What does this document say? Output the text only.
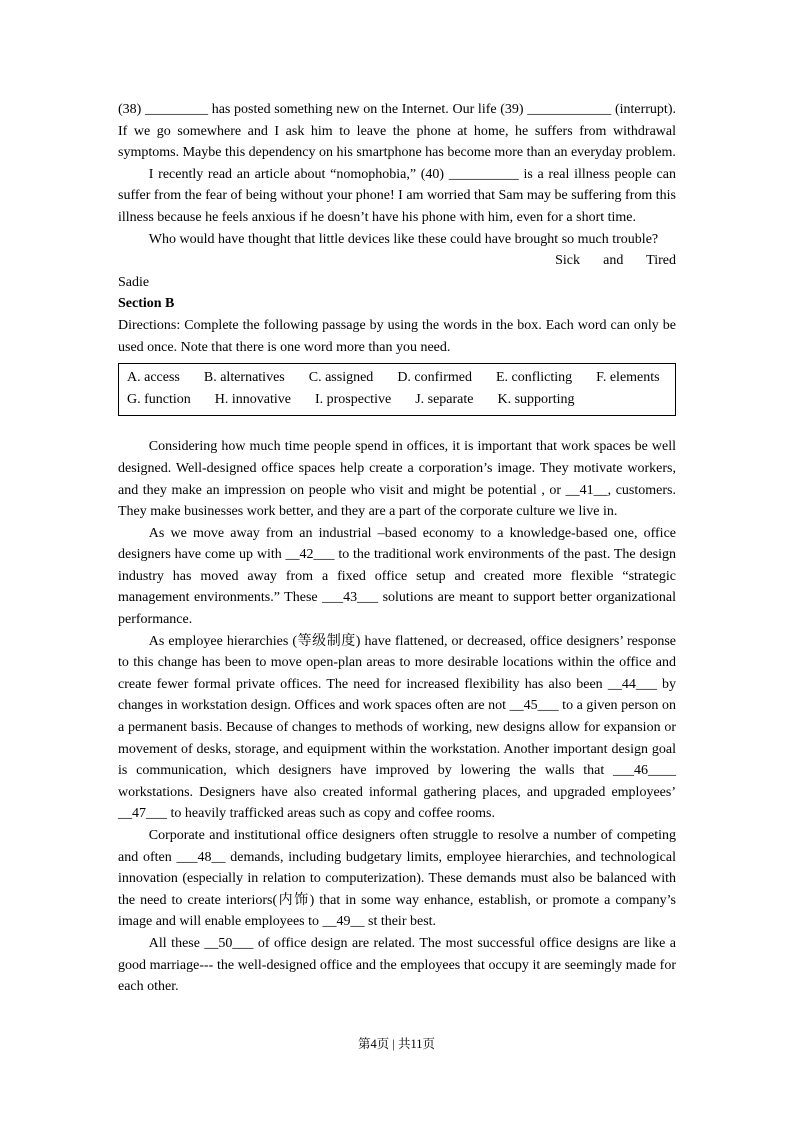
(38) _________ has posted something new on the Internet. Our life (39) ____________ (interrupt). If we go somewhere and I ask him to leave the phone at home, he suffers from withdrawal symptoms. Maybe this dependency on his smartphone has become more than an everyday problem.

I recently read an article about “nomophobia,” (40) __________ is a real illness people can suffer from the fear of being without your phone! I am worried that Sam may be suffering from this illness because he feels anxious if he doesn’t have his phone with him, even for a short time.

Who would have thought that little devices like these could have brought so much trouble?

Sick and Tired

Sadie

Section B

Directions: Complete the following passage by using the words in the box. Each word can only be used once. Note that there is one word more than you need.

A. access B. alternatives C. assigned D. confirmed E. conflicting F. elements
G. function H. innovative I. prospective J. separate K. supporting

Considering how much time people spend in offices, it is important that work spaces be well designed. Well-designed office spaces help create a corporation’s image. They motivate workers, and they make an impression on people who visit and might be potential , or __41__, customers. They make businesses work better, and they are a part of the corporate culture we live in.

As we move away from an industrial –based economy to a knowledge-based one, office designers have come up with __42___ to the traditional work environments of the past. The design industry has moved away from a fixed office setup and created more flexible “strategic management environments.” These ___43___ solutions are meant to support better organizational performance.

As employee hierarchies (等级制度) have flattened, or decreased, office designers’ response to this change has been to move open-plan areas to more desirable locations within the office and create fewer formal private offices. The need for increased flexibility has also been __44___ by changes in workstation design. Offices and work spaces often are not __45___ to a given person on a permanent basis. Because of changes to methods of working, new designs allow for expansion or movement of desks, storage, and equipment within the workstation. Another important design goal is communication, which designers have improved by lowering the walls that ___46____ workstations. Designers have also created informal gathering places, and upgraded employees’ __47___ to heavily trafficked areas such as copy and coffee rooms.

Corporate and institutional office designers often struggle to resolve a number of competing and often ___48__ demands, including budgetary limits, employee hierarchies, and technological innovation (especially in relation to computerization). These demands must also be balanced with the need to create interiors(内饰) that in some way enhance, establish, or promote a company’s image and will enable employees to __49__ st their best.

All these __50___ of office design are related. The most successful office designs are like a good marriage--- the well-designed office and the employees that occupy it are seemingly made for each other.

第4页 | 共11页
